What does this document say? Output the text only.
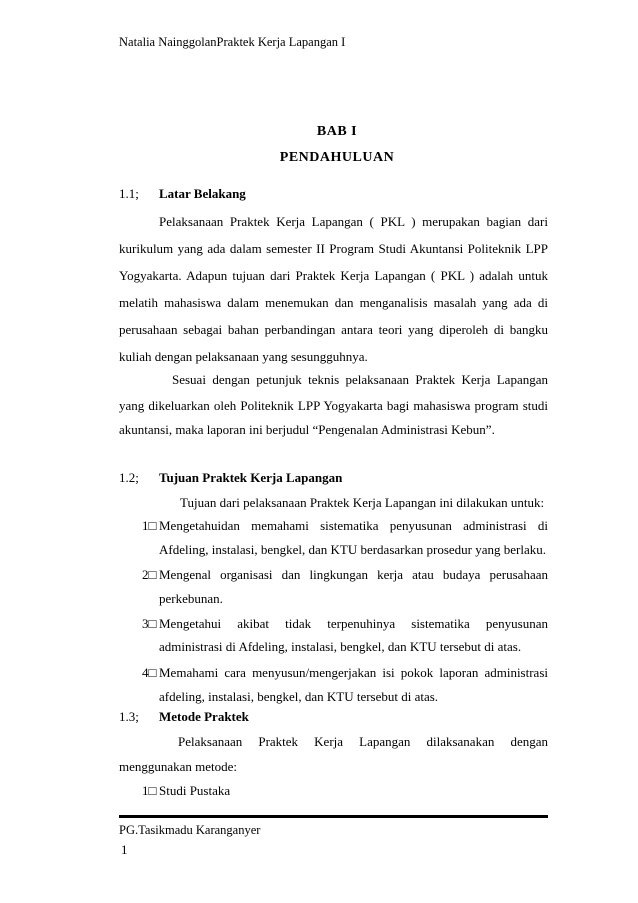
Natalia NainggolanPraktek Kerja Lapangan I
BAB I
PENDAHULUAN
1.1; Latar Belakang
Pelaksanaan Praktek Kerja Lapangan ( PKL ) merupakan bagian dari
kurikulum yang ada dalam semester II Program Studi Akuntansi Politeknik LPP
Yogyakarta. Adapun tujuan dari Praktek Kerja Lapangan ( PKL ) adalah untuk
melatih mahasiswa dalam menemukan dan menganalisis masalah yang ada di
perusahaan sebagai bahan perbandingan antara teori yang diperoleh di bangku
kuliah dengan pelaksanaan yang sesungguhnya.
Sesuai dengan petunjuk teknis pelaksanaan Praktek Kerja Lapangan
yang dikeluarkan oleh Politeknik LPP Yogyakarta bagi mahasiswa program studi
akuntansi, maka laporan ini berjudul “Pengenalan Administrasi Kebun”.
1.2; Tujuan Praktek Kerja Lapangan
Tujuan dari pelaksanaan Praktek Kerja Lapangan ini dilakukan untuk:
1□ Mengetahuidan memahami sistematika penyusunan administrasi di
Afdeling, instalasi, bengkel, dan KTU berdasarkan prosedur yang berlaku.
2□ Mengenal organisasi dan lingkungan kerja atau budaya perusahaan
perkebunan.
3□ Mengetahui akibat tidak terpenuhinya sistematika penyusunan
administrasi di Afdeling, instalasi, bengkel, dan KTU tersebut di atas.
4□ Memahami cara menyusun/mengerjakan isi pokok laporan administrasi
afdeling, instalasi, bengkel, dan KTU tersebut di atas.
1.3; Metode Praktek
Pelaksanaan Praktek Kerja Lapangan dilaksanakan dengan
menggunakan metode:
PG.Tasikmadu Karanganyer
1
1□ Studi Pustaka
